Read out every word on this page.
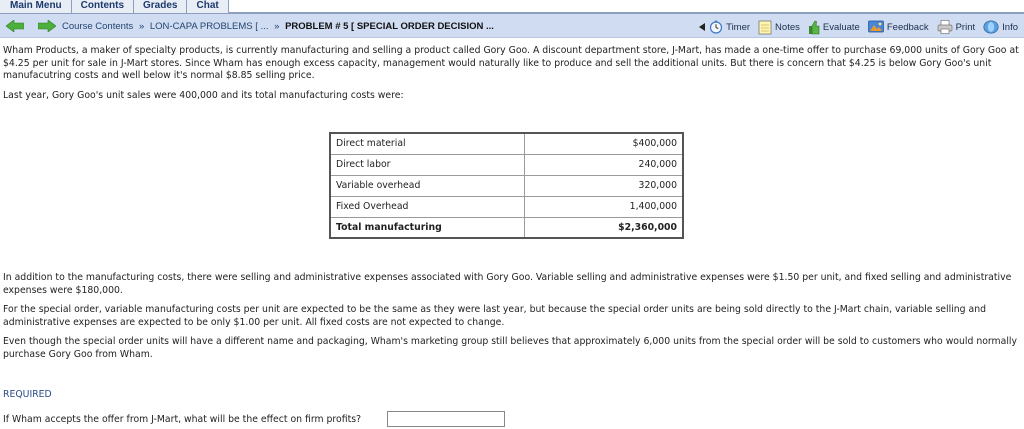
Main Menu	Contents	Grades	Chat
Course Contents » LON-CAPA PROBLEMS [ ... » PROBLEM # 5 [ SPECIAL ORDER DECISION ...	Timer	Notes Evaluate	Feedback	Print	Info

Wham Products, a maker of specialty products, is currently manufacturing and selling a product called Gory Goo. A discount department store, J-Mart, has made a one-time offer to purchase 69,000 units of Gory Goo at $4.25 per unit for sale in J-Mart stores. Since Wham has enough excess capacity, management would naturally like to produce and sell the additional units. But there is concern that $4.25 is below Gory Goo's unit manufacutring costs and well below it's normal $8.85 selling price.

Last year, Gory Goo's unit sales were 400,000 and its total manufacturing costs were:

Direct material	$400,000
Direct labor	240,000
Variable overhead	320,000
Fixed Overhead	1,400,000
Total manufacturing	$2,360,000

In addition to the manufacturing costs, there were selling and administrative expenses associated with Gory Goo. Variable selling and administrative expenses were $1.50 per unit, and fixed selling and administrative expenses were $180,000.

For the special order, variable manufacturing costs per unit are expected to be the same as they were last year, but because the special order units are being sold directly to the J-Mart chain, variable selling and administrative expenses are expected to be only $1.00 per unit. All fixed costs are not expected to change.

Even though the special order units will have a different name and packaging, Wham's marketing group still believes that approximately 6,000 units from the special order will be sold to customers who would normally purchase Gory Goo from Wham.

REQUIRED
If Wham accepts the offer from J-Mart, what will be the effect on firm profits?
